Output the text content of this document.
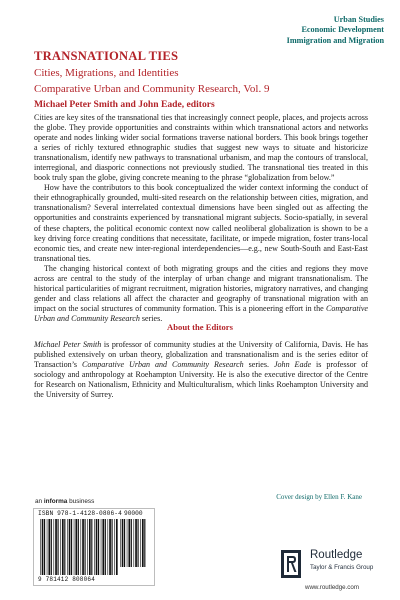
Urban Studies
Economic Development
Immigration and Migration
TRANSNATIONAL TIES
Cities, Migrations, and Identities
Comparative Urban and Community Research, Vol. 9
Michael Peter Smith and John Eade, editors

Cities are key sites of the transnational ties that increasingly connect people, places, and projects across the globe. They provide opportunities and constraints within which transnational actors and networks operate and nodes linking wider social formations traverse national borders. This book brings together a series of richly textured ethnographic studies that suggest new ways to situate and historicize transnationalism, identify new pathways to transnational urbanism, and map the contours of translocal, interregional, and diasporic connections not previously studied. The transnational ties treated in this book truly span the globe, giving concrete meaning to the phrase “globalization from below.”

How have the contributors to this book conceptualized the wider context informing the conduct of their ethnographically grounded, multi-sited research on the relationship between cities, migration, and transnationalism? Several interrelated contextual dimensions have been singled out as affecting the opportunities and constraints experienced by transnational migrant subjects. Socio-spatially, in several of these chapters, the political economic context now called neoliberal globalization is shown to be a key driving force creating conditions that necessitate, facilitate, or impede migration, foster trans-local economic ties, and create new inter-regional interdependencies—e.g., new South-South and East-East transnational ties.

The changing historical context of both migrating groups and the cities and regions they move across are central to the study of the interplay of urban change and migrant transnationalism. The historical particularities of migrant recruitment, migration histories, migratory narratives, and changing gender and class relations all affect the character and geography of transnational migration with an impact on the social structures of community formation. This is a pioneering effort in the Comparative Urban and Community Research series.

About the Editors

Michael Peter Smith is professor of community studies at the University of California, Davis. He has published extensively on urban theory, globalization and transnationalism and is the series editor of Transaction’s Comparative Urban and Community Research series. John Eade is professor of sociology and anthropology at Roehampton University. He is also the executive director of the Centre for Research on Nationalism, Ethnicity and Multiculturalism, which links Roehampton University and the University of Surrey.

Cover design by Ellen F. Kane
an informa business
ISBN 978-1-4128-0806-4 90000
9 781412 808064
Routledge
Taylor & Francis Group
www.routledge.com
